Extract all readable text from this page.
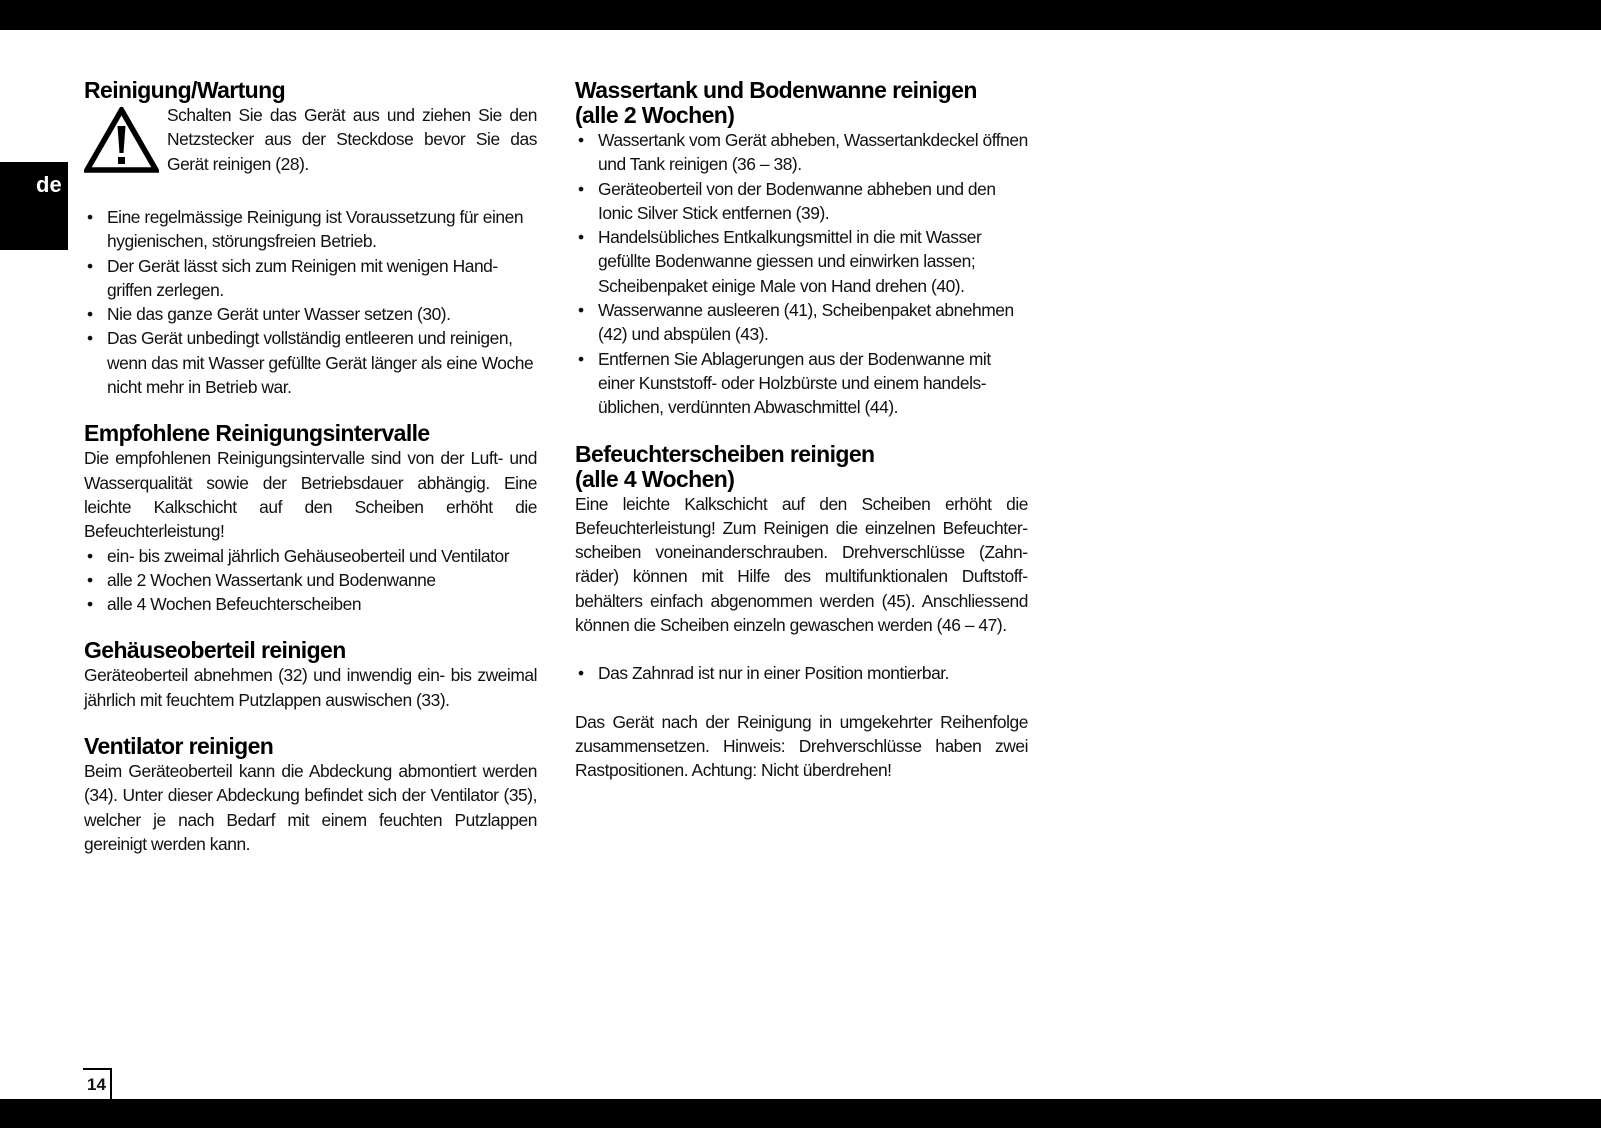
de
Reinigung/Wartung

Schalten Sie das Gerät aus und ziehen Sie den Netzstecker aus der Steckdose bevor Sie das Gerät reinigen (28).

• Eine regelmässige Reinigung ist Voraussetzung für einen hygienischen, störungsfreien Betrieb.
• Der Gerät lässt sich zum Reinigen mit wenigen Handgriffen zerlegen.
• Nie das ganze Gerät unter Wasser setzen (30).
• Das Gerät unbedingt vollständig entleeren und reinigen, wenn das mit Wasser gefüllte Gerät länger als eine Woche nicht mehr in Betrieb war.
Empfohlene Reinigungsintervalle

Die empfohlenen Reinigungsintervalle sind von der Luft- und Wasserqualität sowie der Betriebsdauer abhängig. Eine leichte Kalkschicht auf den Scheiben erhöht die Befeuchterleistung!

• ein- bis zweimal jährlich Gehäuseoberteil und Ventilator
• alle 2 Wochen Wassertank und Bodenwanne
• alle 4 Wochen Befeuchterscheiben
Gehäuseoberteil reinigen

Geräteoberteil abnehmen (32) und inwendig ein- bis zweimal jährlich mit feuchtem Putzlappen auswischen (33).

Ventilator reinigen

Beim Geräteoberteil kann die Abdeckung abmontiert werden (34). Unter dieser Abdeckung befindet sich der Ventilator (35), welcher je nach Bedarf mit einem feuchten Putzlappen gereinigt werden kann.

Wassertank und Bodenwanne reinigen
(alle 2 Wochen)
• Wassertank vom Gerät abheben, Wassertankdeckel öffnen und Tank reinigen (36 – 38).
• Geräteoberteil von der Bodenwanne abheben und den Ionic Silver Stick entfernen (39).
• Handelsübliches Entkalkungsmittel in die mit Wasser gefüllte Bodenwanne giessen und einwirken lassen; Scheibenpaket einige Male von Hand drehen (40).
• Wasserwanne ausleeren (41), Scheibenpaket abnehmen (42) und abspülen (43).
• Entfernen Sie Ablagerungen aus der Bodenwanne mit einer Kunststoff- oder Holzbürste und einem handelsüblichen, verdünnten Abwaschmittel (44).
Befeuchterscheiben reinigen
(alle 4 Wochen)

Eine leichte Kalkschicht auf den Scheiben erhöht die Befeuchterleistung! Zum Reinigen die einzelnen Befeuchterscheiben voneinanderschrauben. Drehverschlüsse (Zahnräder) können mit Hilfe des multifunktionalen Duftstoffbehälters einfach abgenommen werden (45). Anschliessend können die Scheiben einzeln gewaschen werden (46 – 47).

• Das Zahnrad ist nur in einer Position montierbar.

Das Gerät nach der Reinigung in umgekehrter Reihenfolge zusammensetzen. Hinweis: Drehverschlüsse haben zwei Rastpositionen. Achtung: Nicht überdrehen!

14
